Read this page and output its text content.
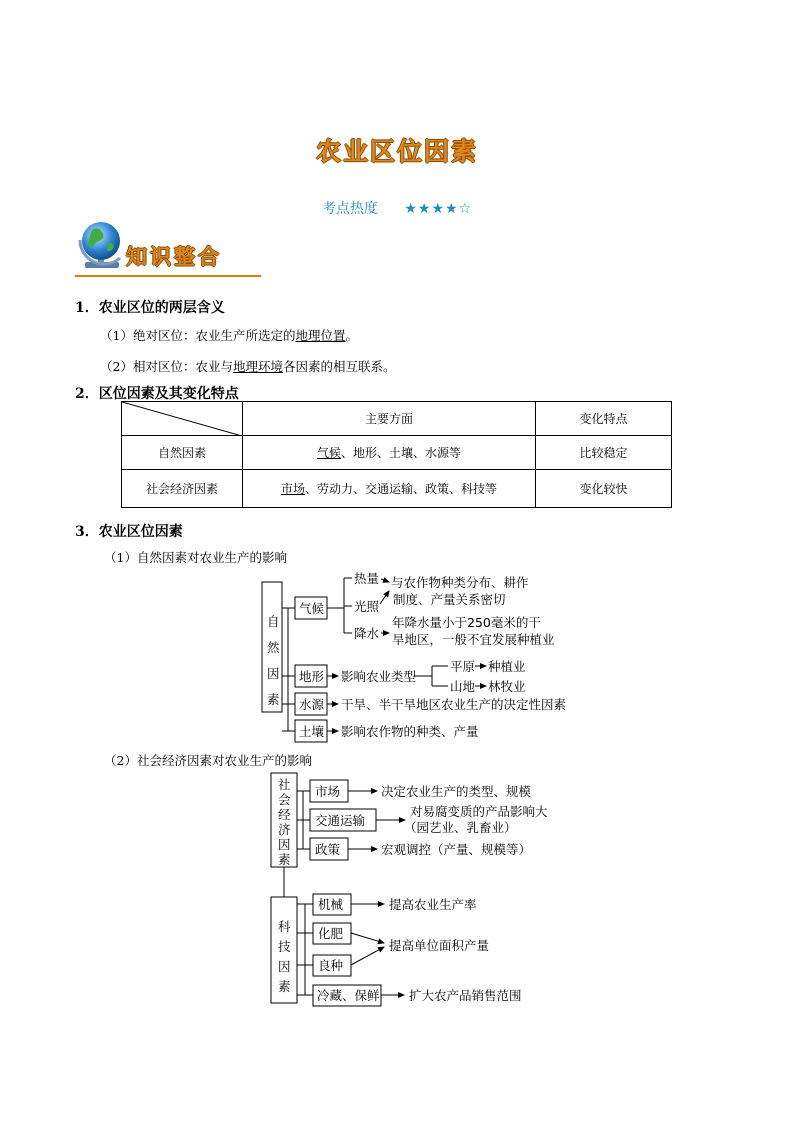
农业区位因素
考点热度 ★★★★☆
知识整合
1．农业区位的两层含义
（1）绝对区位：农业生产所选定的地理位置。
（2）相对区位：农业与地理环境各因素的相互联系。
2．区位因素及其变化特点
	主要方面	变化特点
自然因素	气候、地形、土壤、水源等	比较稳定
社会经济因素	市场、劳动力、交通运输、政策、科技等	变化较快
3．农业区位因素
（1）自然因素对农业生产的影响
（2）社会经济因素对农业生产的影响
自
然
因
素
气候
热量
光照
降水
与农作物种类分布、耕作
制度、产量关系密切
年降水量小于250毫米的干
旱地区，一般不宜发展种植业
地形 影响农业类型
平原 种植业
山地 林牧业
水源 干旱、半干旱地区农业生产的决定性因素
土壤 影响农作物的种类、产量
社
会
经
济
因
素
市场	决定农业生产的类型、规模
交通运输
对易腐变质的产品影响大
（园艺业、乳畜业）
政策	宏观调控（产量、规模等）
科
技
因
素
机械	提高农业生产率
化肥
良种
提高单位面积产量
冷藏、保鲜 扩大农产品销售范围
